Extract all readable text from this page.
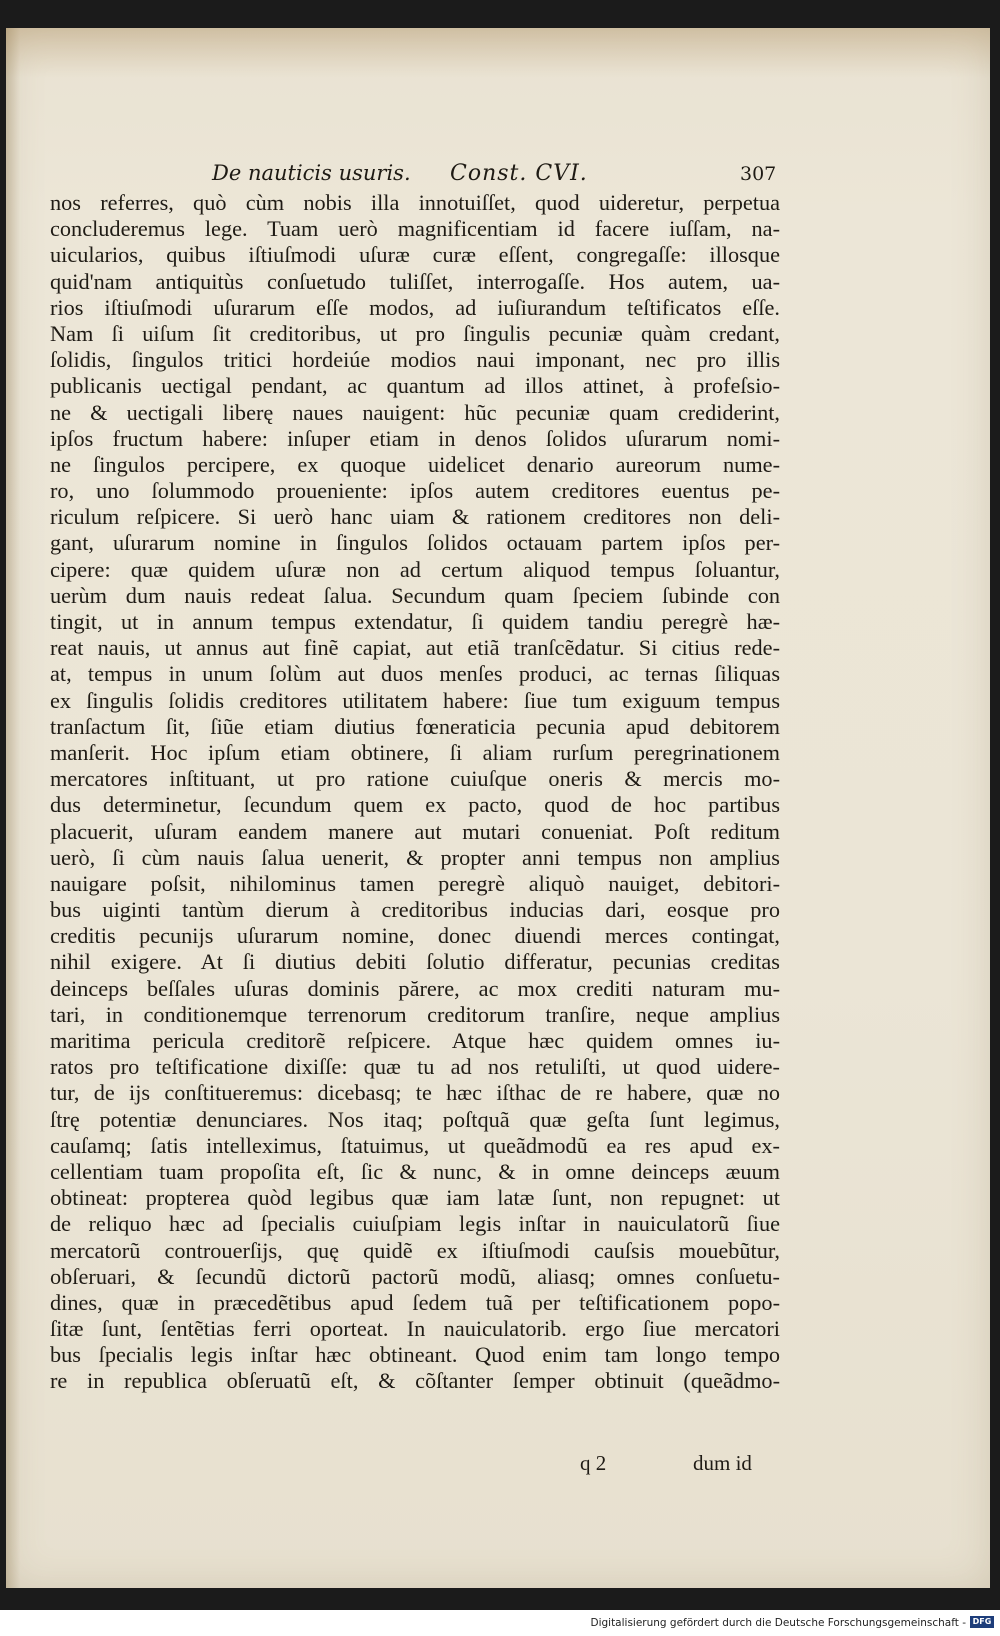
De nauticis usuris. Const. CVI.	307
nos referres, quò cùm nobis illa innotuiſſet, quod uideretur, perpetua
concluderemus lege. Tuam uerò magnificentiam id facere iuſſam, na-
uicularios, quibus iſtiuſmodi uſuræ curæ eſſent, congregaſſe: illosque
quid'nam antiquitùs conſuetudo tuliſſet, interrogaſſe. Hos autem, ua-
rios iſtiuſmodi uſurarum eſſe modos, ad iuſiurandum teſtificatos eſſe.
Nam ſi uiſum ſit creditoribus, ut pro ſingulis pecuniæ quàm credant,
ſolidis, ſingulos tritici hordeiúe modios naui imponant, nec pro illis
publicanis uectigal pendant, ac quantum ad illos attinet, à profeſsio-
ne & uectigali liberę naues nauigent: hũc pecuniæ quam crediderint,
ipſos fructum habere: inſuper etiam in denos ſolidos uſurarum nomi-
ne ſingulos percipere, ex quoque uidelicet denario aureorum nume-
ro, uno ſolummodo proueniente: ipſos autem creditores euentus pe-
riculum reſpicere. Si uerò hanc uiam & rationem creditores non deli-
gant, uſurarum nomine in ſingulos ſolidos octauam partem ipſos per-
cipere: quæ quidem uſuræ non ad certum aliquod tempus ſoluantur,
uerùm dum nauis redeat ſalua. Secundum quam ſpeciem ſubinde con
tingit, ut in annum tempus extendatur, ſi quidem tandiu peregrè hæ-
reat nauis, ut annus aut finẽ capiat, aut etiã tranſcẽdatur. Si citius rede-
at, tempus in unum ſolùm aut duos menſes produci, ac ternas ſiliquas
ex ſingulis ſolidis creditores utilitatem habere: ſiue tum exiguum tempus
tranſactum ſit, ſiũe etiam diutius fœneraticia pecunia apud debitorem
manſerit. Hoc ipſum etiam obtinere, ſi aliam rurſum peregrinationem
mercatores inſtituant, ut pro ratione cuiuſque oneris & mercis mo-
dus determinetur, ſecundum quem ex pacto, quod de hoc partibus
placuerit, uſuram eandem manere aut mutari conueniat. Poſt reditum
uerò, ſi cùm nauis ſalua uenerit, & propter anni tempus non amplius
nauigare poſsit, nihilominus tamen peregrè aliquò nauiget, debitori-
bus uiginti tantùm dierum à creditoribus inducias dari, eosque pro
creditis pecunijs uſurarum nomine, donec diuendi merces contingat,
nihil exigere. At ſi diutius debiti ſolutio differatur, pecunias creditas
deinceps beſſales uſuras dominis părere, ac mox crediti naturam mu-
tari, in conditionemque terrenorum creditorum tranſire, neque amplius
maritima pericula creditorẽ reſpicere. Atque hæc quidem omnes iu-
ratos pro teſtificatione dixiſſe: quæ tu ad nos retuliſti, ut quod uidere-
tur, de ijs conſtitueremus: dicebasq; te hæc iſthac de re habere, quæ no
ſtrę potentiæ denunciares. Nos itaq; poſtquã quæ geſta ſunt legimus,
cauſamq; ſatis intelleximus, ſtatuimus, ut queãdmodũ ea res apud ex-
cellentiam tuam propoſita eſt, ſic & nunc, & in omne deinceps æuum
obtineat: propterea quòd legibus quæ iam latæ ſunt, non repugnet: ut
de reliquo hæc ad ſpecialis cuiuſpiam legis inſtar in nauiculatorũ ſiue
mercatorũ controuerſijs, quę quidẽ ex iſtiuſmodi cauſsis mouebũtur,
obſeruari, & ſecundũ dictorũ pactorũ modũ, aliasq; omnes conſuetu-
dines, quæ in præcedẽtibus apud ſedem tuã per teſtificationem popo-
ſitæ ſunt, ſentẽtias ferri oporteat. In nauiculatorib. ergo ſiue mercatori
bus ſpecialis legis inſtar hæc obtineant. Quod enim tam longo tempo
re in republica obſeruatũ eſt, & cõſtanter ſemper obtinuit (queãdmo-
q 2	dum id
Digitalisierung gefördert durch die Deutsche Forschungsgemeinschaft - DFG
